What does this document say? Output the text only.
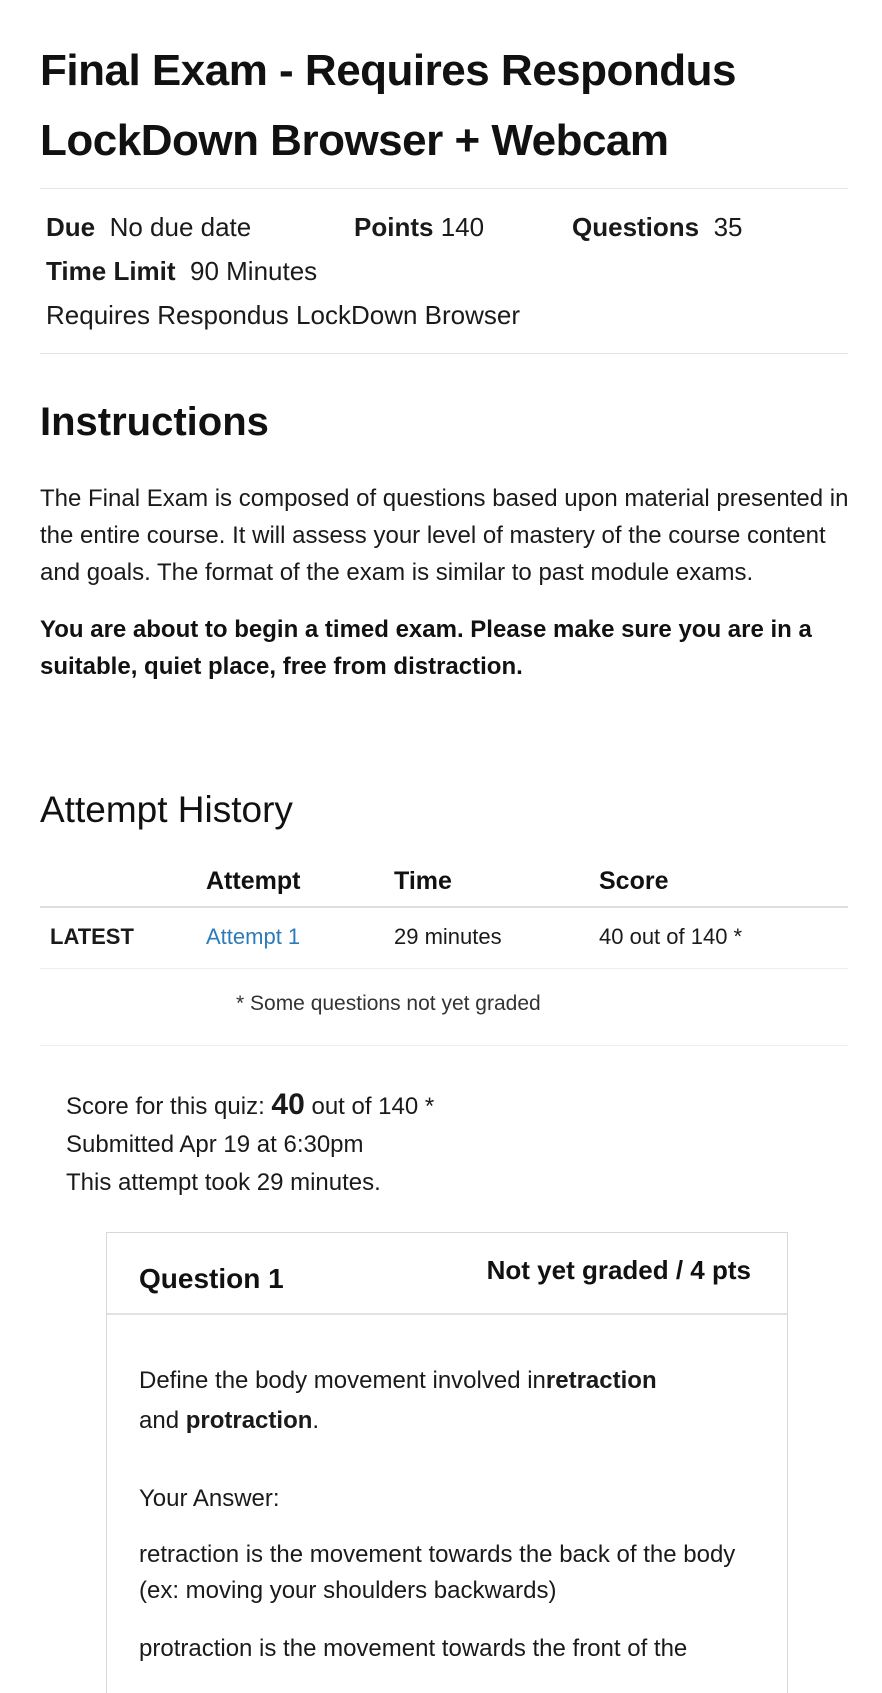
Final Exam - Requires Respondus LockDown Browser + Webcam
Due No due date	Points 140	Questions 35
Time Limit 90 Minutes
Requires Respondus LockDown Browser
Instructions
The Final Exam is composed of questions based upon material presented in the entire course. It will assess your level of mastery of the course content and goals. The format of the exam is similar to past module exams.
You are about to begin a timed exam. Please make sure you are in a suitable, quiet place, free from distraction.
Attempt History
	Attempt	Time	Score
LATEST	Attempt 1	29 minutes	40 out of 140 *
* Some questions not yet graded
Score for this quiz: 40 out of 140 *
Submitted Apr 19 at 6:30pm
This attempt took 29 minutes.
Question 1	Not yet graded / 4 pts
Define the body movement involved inretraction
and protraction.
Your Answer:

retraction is the movement towards the back of the body (ex: moving your shoulders backwards)

protraction is the movement towards the front of the
